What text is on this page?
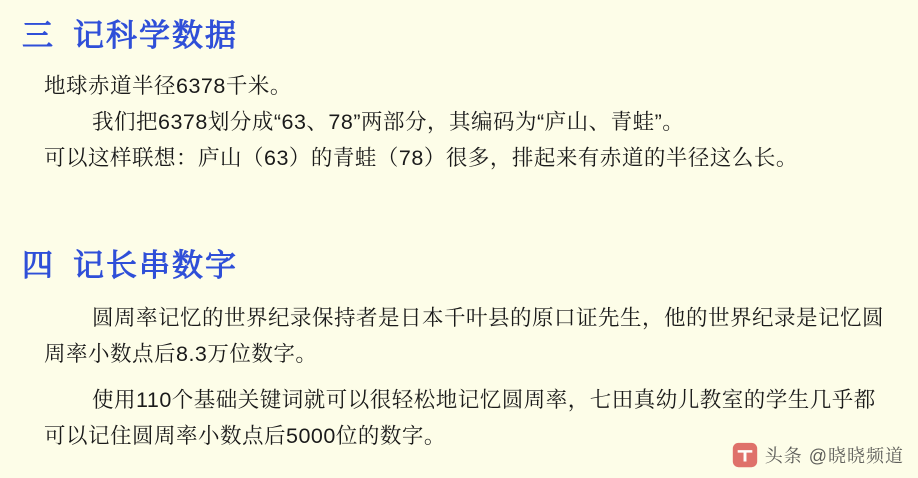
三 记科学数据
地球赤道半径6378千米。
我们把6378划分成“63、78”两部分，其编码为“庐山、青蛙”。
可以这样联想：庐山（63）的青蛙（78）很多，排起来有赤道的半径这么长。
四 记长串数字
圆周率记忆的世界纪录保持者是日本千叶县的原口证先生，他的世界纪录是记忆圆周率小数点后8.3万位数字。
使用110个基础关键词就可以很轻松地记忆圆周率，七田真幼儿教室的学生几乎都可以记住圆周率小数点后5000位的数字。
头条 @晓晓频道
